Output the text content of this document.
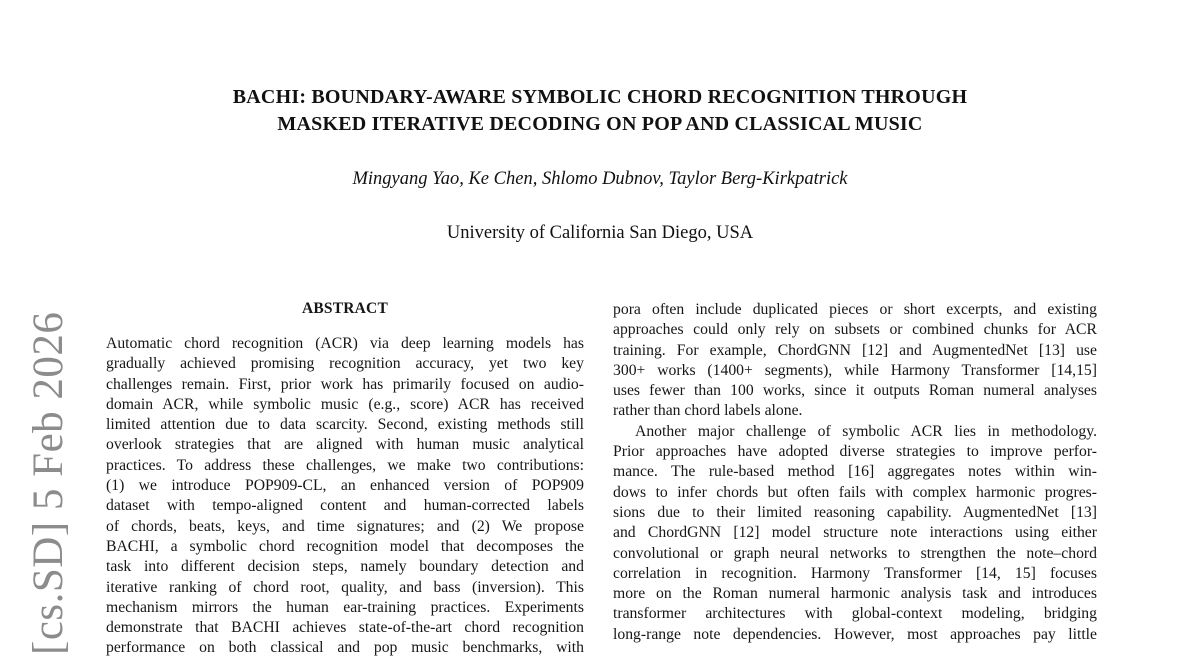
[cs.SD] 5 Feb 2026
BACHI: BOUNDARY-AWARE SYMBOLIC CHORD RECOGNITION THROUGH
MASKED ITERATIVE DECODING ON POP AND CLASSICAL MUSIC
Mingyang Yao, Ke Chen, Shlomo Dubnov, Taylor Berg-Kirkpatrick
University of California San Diego, USA
ABSTRACT
Automatic chord recognition (ACR) via deep learning models has
gradually achieved promising recognition accuracy, yet two key
challenges remain. First, prior work has primarily focused on audio-
domain ACR, while symbolic music (e.g., score) ACR has received
limited attention due to data scarcity. Second, existing methods still
overlook strategies that are aligned with human music analytical
practices. To address these challenges, we make two contributions:
(1) we introduce POP909-CL, an enhanced version of POP909
dataset with tempo-aligned content and human-corrected labels
of chords, beats, keys, and time signatures; and (2) We propose
BACHI, a symbolic chord recognition model that decomposes the
task into different decision steps, namely boundary detection and
iterative ranking of chord root, quality, and bass (inversion). This
mechanism mirrors the human ear-training practices. Experiments
demonstrate that BACHI achieves state-of-the-art chord recognition
performance on both classical and pop music benchmarks, with
pora often include duplicated pieces or short excerpts, and existing
approaches could only rely on subsets or combined chunks for ACR
training. For example, ChordGNN [12] and AugmentedNet [13] use
300+ works (1400+ segments), while Harmony Transformer [14,15]
uses fewer than 100 works, since it outputs Roman numeral analyses
rather than chord labels alone.
Another major challenge of symbolic ACR lies in methodology.
Prior approaches have adopted diverse strategies to improve perfor-
mance. The rule-based method [16] aggregates notes within win-
dows to infer chords but often fails with complex harmonic progres-
sions due to their limited reasoning capability. AugmentedNet [13]
and ChordGNN [12] model structure note interactions using either
convolutional or graph neural networks to strengthen the note–chord
correlation in recognition. Harmony Transformer [14, 15] focuses
more on the Roman numeral harmonic analysis task and introduces
transformer architectures with global-context modeling, bridging
long-range note dependencies. However, most approaches pay little
